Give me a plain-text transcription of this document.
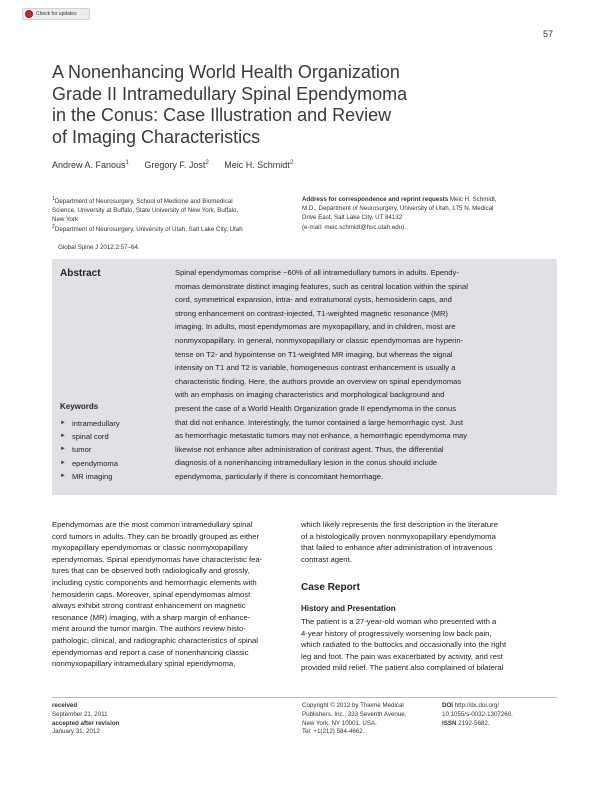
Check for updates
57
A Nonenhancing World Health Organization
Grade II Intramedullary Spinal Ependymoma
in the Conus: Case Illustration and Review
of Imaging Characteristics
Andrew A. Fanous$^1$ Gregory F. Jost$^2$ Meic H. Schmidt$^2$
$^1$Department of Neurosurgery, School of Medicine and Biomedical
Science, University at Buffalo, State University of New York, Buffalo,
New York
$^2$Department of Neurosurgery, University of Utah, Salt Lake City, Utah
Address for correspondence and reprint requests Meic H. Schmidt,
M.D., Department of Neurosurgery, University of Utah, 175 N. Medical
Drive East, Salt Lake City, UT 84132
(e-mail: meic.schmidt@hsc.utah.edu).
Global Spine J 2012;2:57–64.
Abstract	Spinal ependymomas comprise ~60% of all intramedullary tumors in adults. Ependy-
momas demonstrate distinct imaging features, such as central location within the spinal
cord, symmetrical expansion, intra- and extratumoral cysts, hemosiderin caps, and
strong enhancement on contrast-injected, T1-weighted magnetic resonance (MR)
imaging. In adults, most ependymomas are myxopapillary, and in children, most are
nonmyxopapillary. In general, nonmyxopapillary or classic ependymomas are hyperin-
tense on T2- and hypointense on T1-weighted MR imaging, but whereas the signal
intensity on T1 and T2 is variable, homogeneous contrast enhancement is usually a
characteristic finding. Here, the authors provide an overview on spinal ependymomas
with an emphasis on imaging characteristics and morphological background and
present the case of a World Health Organization grade II ependymoma in the conus
that did not enhance. Interestingly, the tumor contained a large hemorrhagic cyst. Just
as hemorrhagic metastatic tumors may not enhance, a hemorrhagic ependymoma may
likewise not enhance after administration of contrast agent. Thus, the differential
diagnosis of a nonenhancing intramedullary lesion in the conus should include
ependymoma, particularly if there is concomitant hemorrhage.
Keywords
► intramedullary
► spinal cord
► tumor
► ependymoma
► MR imaging
Ependymomas are the most common intramedullary spinal
cord tumors in adults. They can be broadly grouped as either
myxopapillary ependymomas or classic nonmyxopapillary
ependymomas. Spinal ependymomas have characteristic fea-
tures that can be observed both radiologically and grossly,
including cystic components and hemorrhagic elements with
hemosiderin caps. Moreover, spinal ependymomas almost
always exhibit strong contrast enhancement on magnetic
resonance (MR) imaging, with a sharp margin of enhance-
ment around the tumor margin. The authors review histo-
pathologic, clinical, and radiographic characteristics of spinal
ependymomas and report a case of nonenhancing classic
nonmyxopapillary intramedullary spinal ependymoma,
which likely represents the first description in the literature
of a histologically proven nonmyxopapillary ependymoma
that failed to enhance after administration of intravenous
contrast agent.
Case Report
History and Presentation
The patient is a 27-year-old woman who presented with a
4-year history of progressively worsening low back pain,
which radiated to the buttocks and occasionally into the right
leg and foot. The pain was exacerbated by activity, and rest
provided mild relief. The patient also complained of bilateral
received
September 21, 2011
accepted after revision
January 31, 2012
Copyright © 2012 by Thieme Medical
Publishers, Inc., 333 Seventh Avenue,
New York, NY 10001, USA.
Tel: +1(212) 584-4662.
DOI http://dx.doi.org/
10.1055/s-0032-1307260.
ISSN 2192-5682.
